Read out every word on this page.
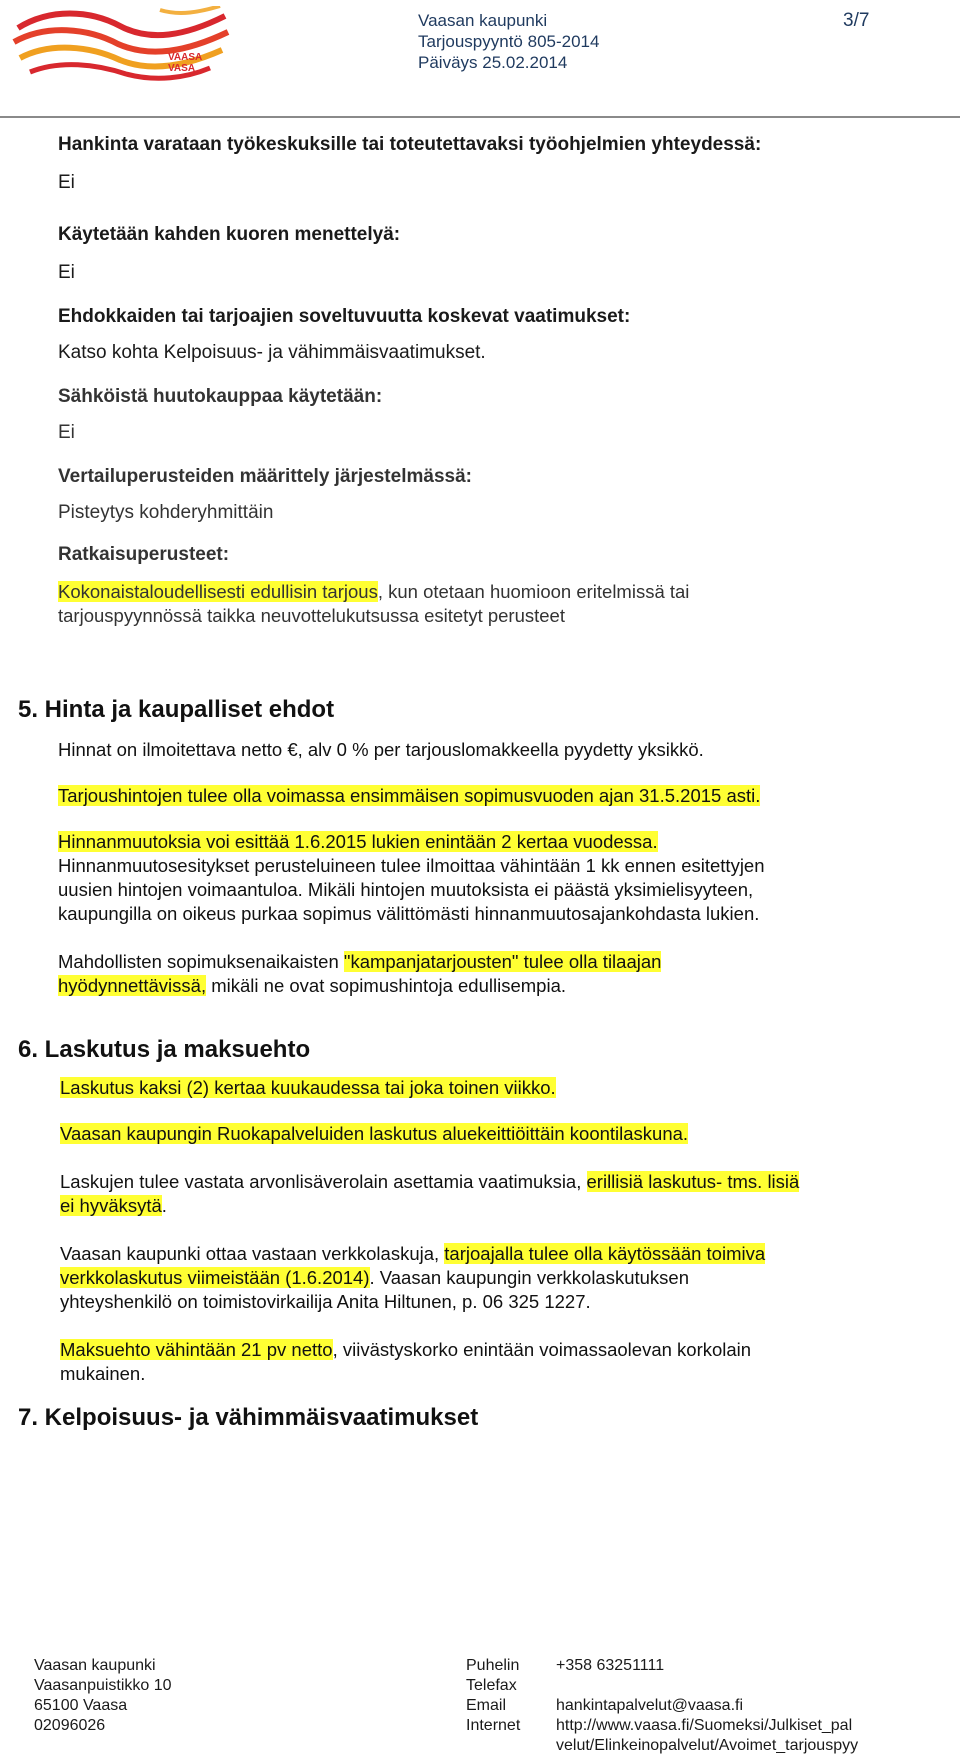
VAASA
VASA
Vaasan kaupunki
Tarjouspyyntö 805-2014
Päiväys 25.02.2014
3/7
Hankinta varataan työkeskuksille tai toteutettavaksi työohjelmien yhteydessä:
Ei
Käytetään kahden kuoren menettelyä:
Ei
Ehdokkaiden tai tarjoajien soveltuvuutta koskevat vaatimukset:
Katso kohta Kelpoisuus- ja vähimmäisvaatimukset.
Sähköistä huutokauppaa käytetään:
Ei
Vertailuperusteiden määrittely järjestelmässä:
Pisteytys kohderyhmittäin
Ratkaisuperusteet:
Kokonaistaloudellisesti edullisin tarjous, kun otetaan huomioon eritelmissä tai
tarjouspyynnössä taikka neuvottelukutsussa esitetyt perusteet
5. Hinta ja kaupalliset ehdot
Hinnat on ilmoitettava netto €, alv 0 % per tarjouslomakkeella pyydetty yksikkö.
Tarjoushintojen tulee olla voimassa ensimmäisen sopimusvuoden ajan 31.5.2015 asti.
Hinnanmuutoksia voi esittää 1.6.2015 lukien enintään 2 kertaa vuodessa.
Hinnanmuutosesitykset perusteluineen tulee ilmoittaa vähintään 1 kk ennen esitettyjen
uusien hintojen voimaantuloa. Mikäli hintojen muutoksista ei päästä yksimielisyyteen,
kaupungilla on oikeus purkaa sopimus välittömästi hinnanmuutosajankohdasta lukien.
Mahdollisten sopimuksenaikaisten "kampanjatarjousten" tulee olla tilaajan
hyödynnettävissä, mikäli ne ovat sopimushintoja edullisempia.
6. Laskutus ja maksuehto
Laskutus kaksi (2) kertaa kuukaudessa tai joka toinen viikko.
Vaasan kaupungin Ruokapalveluiden laskutus aluekeittiöittäin koontilaskuna.
Laskujen tulee vastata arvonlisäverolain asettamia vaatimuksia, erillisiä laskutus- tms. lisiä
ei hyväksytä.
Vaasan kaupunki ottaa vastaan verkkolaskuja, tarjoajalla tulee olla käytössään toimiva
verkkolaskutus viimeistään (1.6.2014). Vaasan kaupungin verkkolaskutuksen
yhteyshenkilö on toimistovirkailija Anita Hiltunen, p. 06 325 1227.
Maksuehto vähintään 21 pv netto, viivästyskorko enintään voimassaolevan korkolain
mukainen.
7. Kelpoisuus- ja vähimmäisvaatimukset
Vaasan kaupunki
Vaasanpuistikko 10
65100 Vaasa
02096026
Puhelin
Telefax
Email
Internet
+358 63251111
hankintapalvelut@vaasa.fi
http://www.vaasa.fi/Suomeksi/Julkiset_pal
velut/Elinkeinopalvelut/Avoimet_tarjouspyy
